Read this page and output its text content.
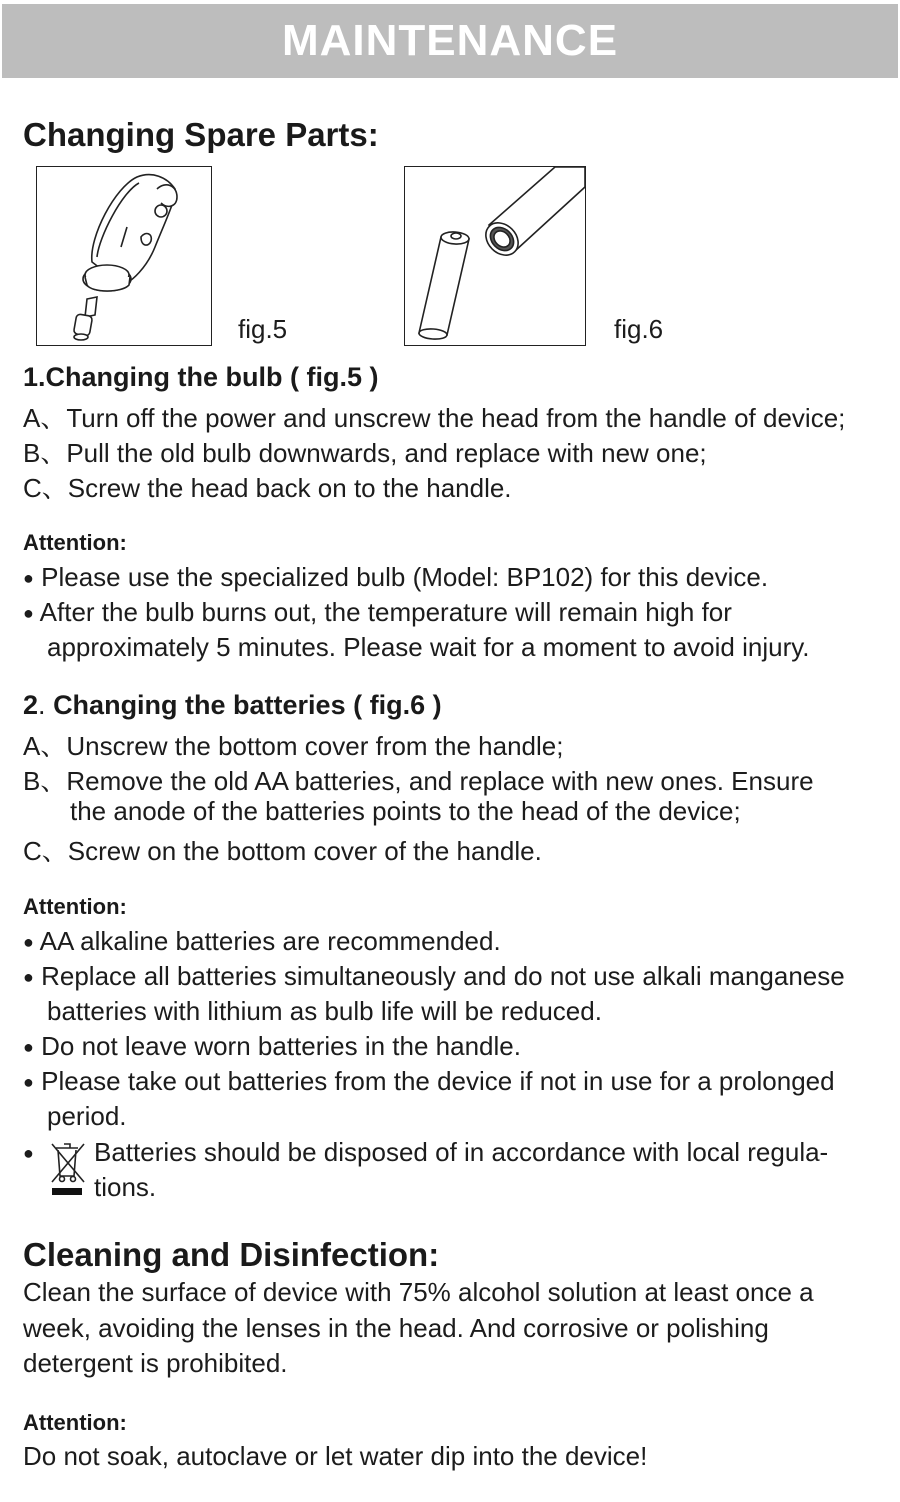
MAINTENANCE
Changing Spare Parts:
fig.5	fig.6
1.Changing the bulb ( fig.5 )
A、Turn off the power and unscrew the head from the handle of device;
B、Pull the old bulb downwards, and replace with new one;
C、Screw the head back on to the handle.
Attention:
● Please use the specialized bulb (Model: BP102) for this device.
● After the bulb burns out, the temperature will remain high for
approximately 5 minutes. Please wait for a moment to avoid injury.
2. Changing the batteries ( fig.6 )
A、Unscrew the bottom cover from the handle;
B、Remove the old AA batteries, and replace with new ones. Ensure
the anode of the batteries points to the head of the device;
C、Screw on the bottom cover of the handle.
Attention:
● AA alkaline batteries are recommended.
● Replace all batteries simultaneously and do not use alkali manganese
batteries with lithium as bulb life will be reduced.
● Do not leave worn batteries in the handle.
● Please take out batteries from the device if not in use for a prolonged
period.
● Batteries should be disposed of in accordance with local regula-
tions.
Cleaning and Disinfection:
Clean the surface of device with 75% alcohol solution at least once a
week, avoiding the lenses in the head. And corrosive or polishing
detergent is prohibited.
Attention:
Do not soak, autoclave or let water dip into the device!
